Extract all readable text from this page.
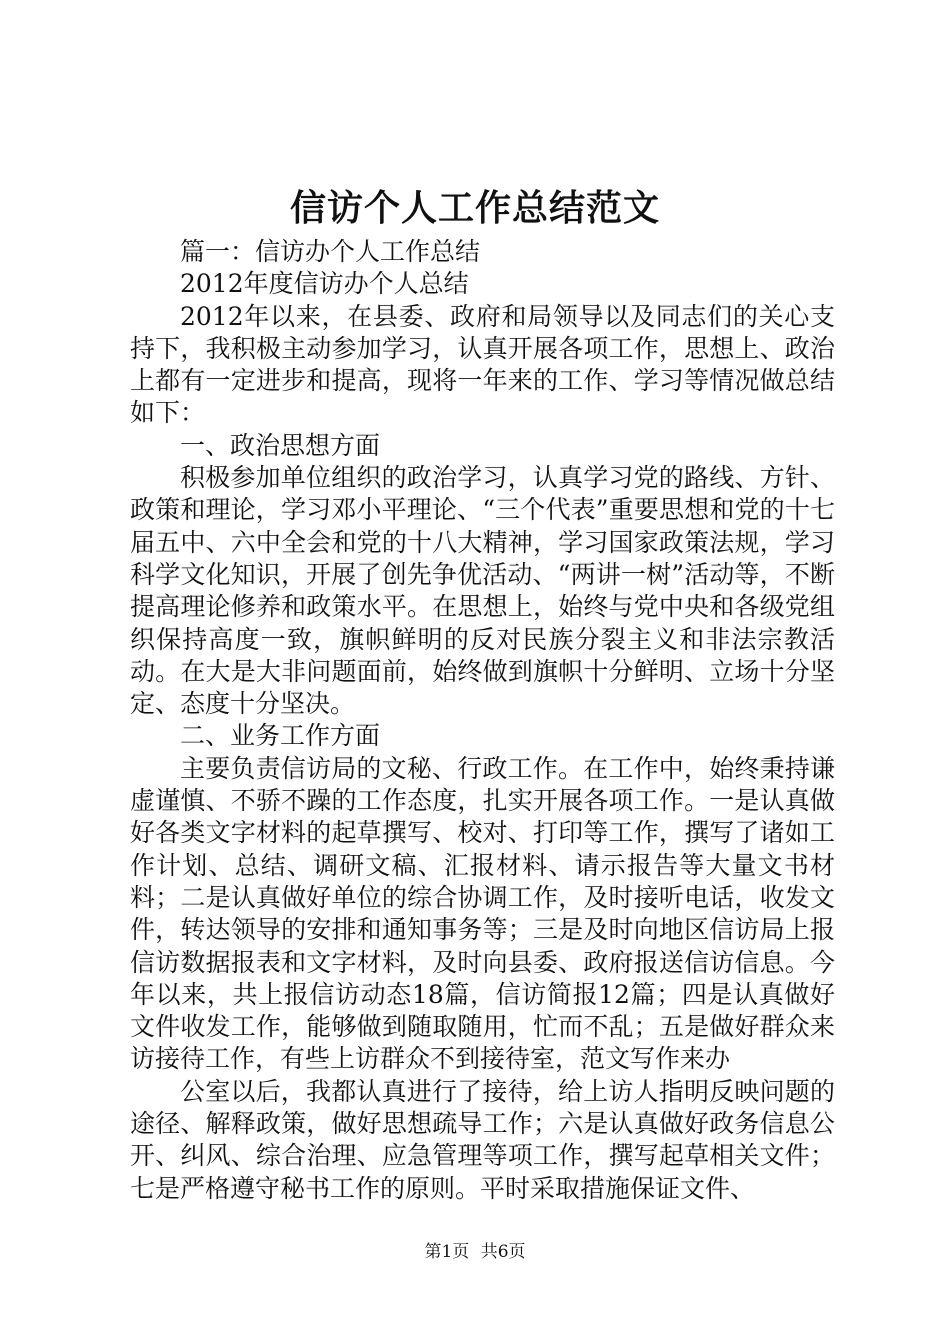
信访个人工作总结范文

篇一：信访办个人工作总结

2012年度信访办个人总结

2012年以来，在县委、政府和局领导以及同志们的关心支持下，我积极主动参加学习，认真开展各项工作，思想上、政治上都有一定进步和提高，现将一年来的工作、学习等情况做总结如下：

一、政治思想方面

积极参加单位组织的政治学习，认真学习党的路线、方针、政策和理论，学习邓小平理论、“三个代表”重要思想和党的十七届五中、六中全会和党的十八大精神，学习国家政策法规，学习科学文化知识，开展了创先争优活动、“两讲一树”活动等，不断提高理论修养和政策水平。在思想上，始终与党中央和各级党组织保持高度一致，旗帜鲜明的反对民族分裂主义和非法宗教活动。在大是大非问题面前，始终做到旗帜十分鲜明、立场十分坚定、态度十分坚决。

二、业务工作方面

主要负责信访局的文秘、行政工作。在工作中，始终秉持谦虚谨慎、不骄不躁的工作态度，扎实开展各项工作。一是认真做好各类文字材料的起草撰写、校对、打印等工作，撰写了诸如工作计划、总结、调研文稿、汇报材料、请示报告等大量文书材料；二是认真做好单位的综合协调工作，及时接听电话，收发文件，转达领导的安排和通知事务等；三是及时向地区信访局上报信访数据报表和文字材料，及时向县委、政府报送信访信息。今年以来，共上报信访动态18篇，信访简报12篇；四是认真做好文件收发工作，能够做到随取随用，忙而不乱；五是做好群众来访接待工作，有些上访群众不到接待室，范文写作来办

公室以后，我都认真进行了接待，给上访人指明反映问题的途径、解释政策，做好思想疏导工作；六是认真做好政务信息公开、纠风、综合治理、应急管理等项工作，撰写起草相关文件；七是严格遵守秘书工作的原则。平时采取措施保证文件、

第1页 共6页
